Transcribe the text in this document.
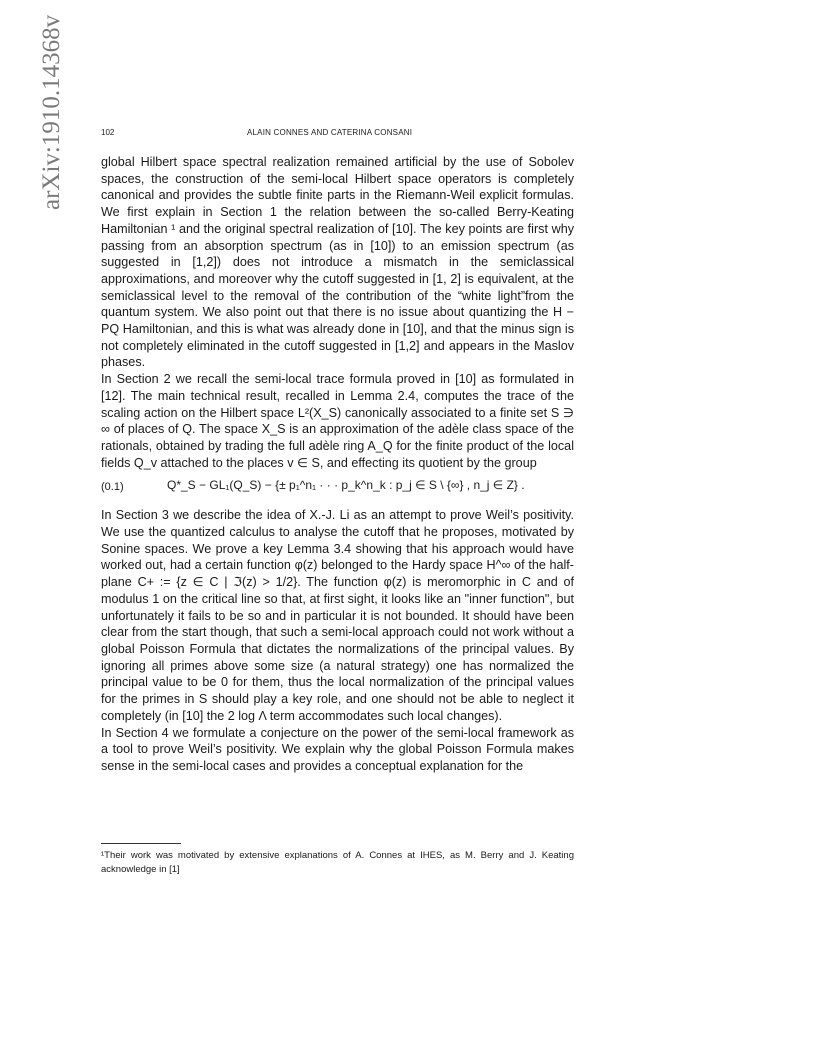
arXiv:1910.14368v	102	ALAIN CONNES AND CATERINA CONSANI

global Hilbert space spectral realization remained artificial by the use of Sobolev spaces, the construction of the semi-local Hilbert space operators is completely canonical and provides the subtle finite parts in the Riemann-Weil explicit formulas. We first explain in Section 1 the relation between the so-called Berry-Keating Hamiltonian ¹ and the original spectral realization of [10]. The key points are first why passing from an absorption spectrum (as in [10]) to an emission spectrum (as suggested in [1,2]) does not introduce a mismatch in the semiclassical approximations, and moreover why the cutoff suggested in [1, 2] is equivalent, at the semiclassical level to the removal of the contribution of the “white light”from the quantum system. We also point out that there is no issue about quantizing the H − PQ Hamiltonian, and this is what was already done in [10], and that the minus sign is not completely eliminated in the cutoff suggested in [1,2] and appears in the Maslov phases.

In Section 2 we recall the semi-local trace formula proved in [10] as formulated in [12]. The main technical result, recalled in Lemma 2.4, computes the trace of the scaling action on the Hilbert space L²(X_S) canonically associated to a finite set S ∋ ∞ of places of Q. The space X_S is an approximation of the adèle class space of the rationals, obtained by trading the full adèle ring A_Q for the finite product of the local fields Q_v attached to the places v ∈ S, and effecting its quotient by the group

(0.1)	Q*_S − GL₁(Q_S) − {± p₁^n₁ · · · p_k^n_k : p_j ∈ S \ {∞} , n_j ∈ Z} .

In Section 3 we describe the idea of X.-J. Li as an attempt to prove Weil’s positivity. We use the quantized calculus to analyse the cutoff that he proposes, motivated by Sonine spaces. We prove a key Lemma 3.4 showing that his approach would have worked out, had a certain function φ(z) belonged to the Hardy space H^∞ of the half-plane C+ := {z ∈ C | ℑ(z) > 1/2}. The function φ(z) is meromorphic in C and of modulus 1 on the critical line so that, at first sight, it looks like an "inner function", but unfortunately it fails to be so and in particular it is not bounded. It should have been clear from the start though, that such a semi-local approach could not work without a global Poisson Formula that dictates the normalizations of the principal values. By ignoring all primes above some size (a natural strategy) one has normalized the principal value to be 0 for them, thus the local normalization of the principal values for the primes in S should play a key role, and one should not be able to neglect it completely (in [10] the 2 log Λ term accommodates such local changes).

In Section 4 we formulate a conjecture on the power of the semi-local framework as a tool to prove Weil’s positivity. We explain why the global Poisson Formula makes sense in the semi-local cases and provides a conceptual explanation for the

¹Their work was motivated by extensive explanations of A. Connes at IHES, as M. Berry and J. Keating acknowledge in [1]
